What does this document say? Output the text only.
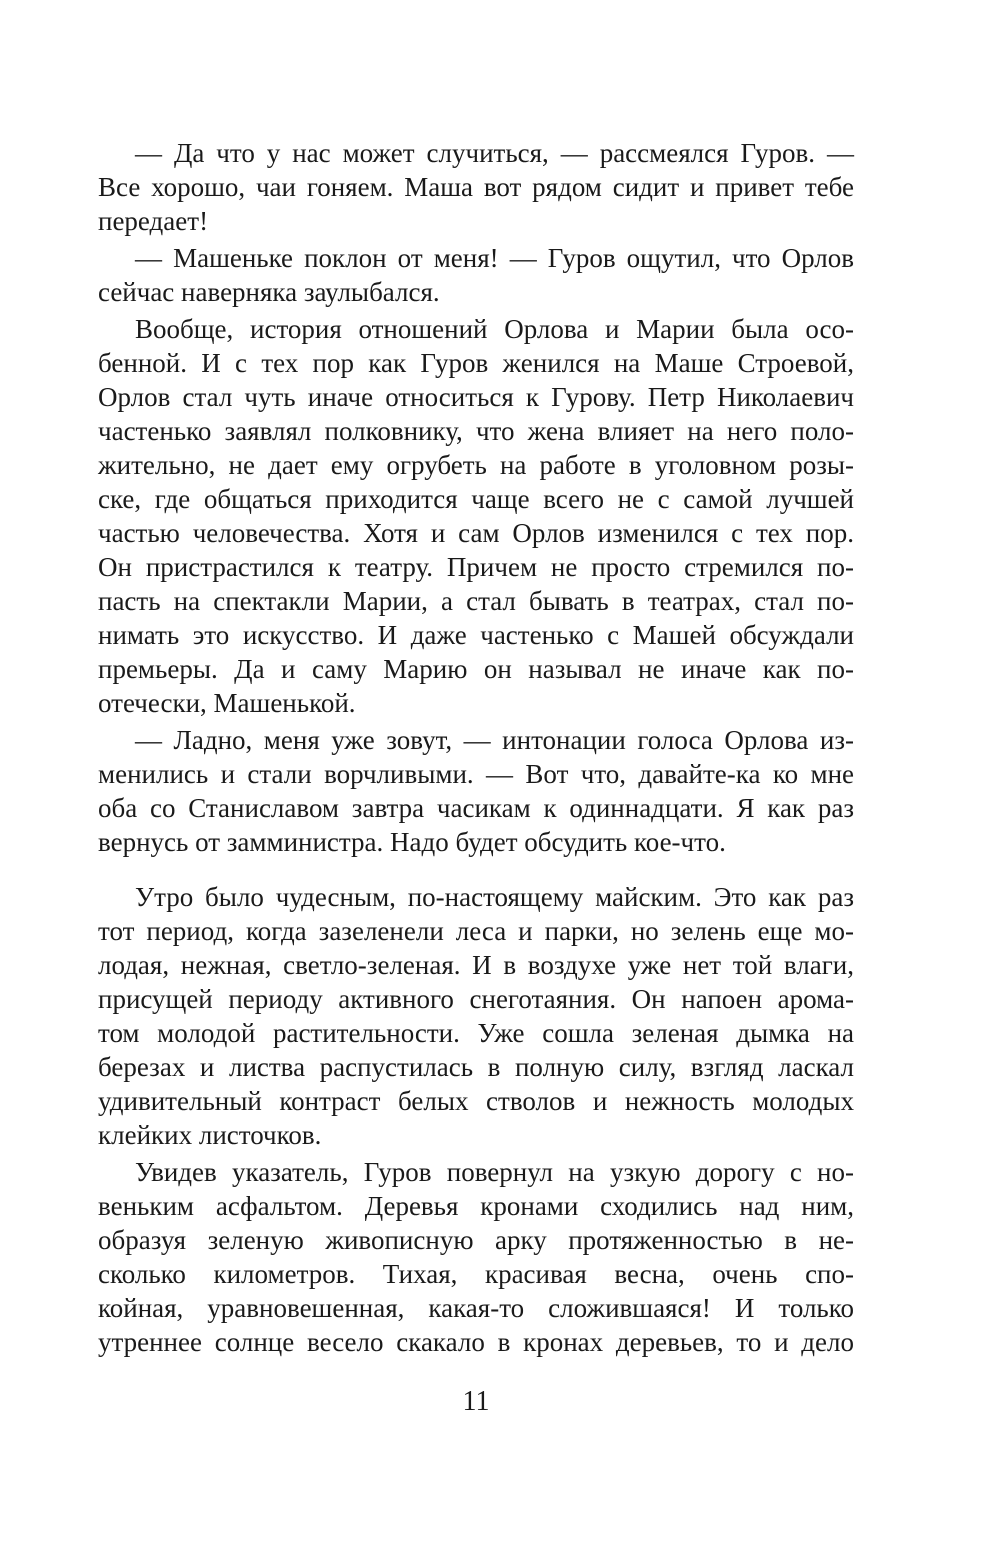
— Да что у нас может случиться, — рассмеялся Гуров. —
Все хорошо, чаи гоняем. Маша вот рядом сидит и привет тебе
передает!
— Машеньке поклон от меня! — Гуров ощутил, что Орлов
сейчас наверняка заулыбался.
Вообще, история отношений Орлова и Марии была осо-
бенной. И с тех пор как Гуров женился на Маше Строевой,
Орлов стал чуть иначе относиться к Гурову. Петр Николаевич
частенько заявлял полковнику, что жена влияет на него поло-
жительно, не дает ему огрубеть на работе в уголовном розы-
ске, где общаться приходится чаще всего не с самой лучшей
частью человечества. Хотя и сам Орлов изменился с тех пор.
Он пристрастился к театру. Причем не просто стремился по-
пасть на спектакли Марии, а стал бывать в театрах, стал по-
нимать это искусство. И даже частенько с Машей обсуждали
премьеры. Да и саму Марию он называл не иначе как по-
отечески, Машенькой.
— Ладно, меня уже зовут, — интонации голоса Орлова из-
менились и стали ворчливыми. — Вот что, давайте-ка ко мне
оба со Станиславом завтра часикам к одиннадцати. Я как раз
вернусь от замминистра. Надо будет обсудить кое-что.
Утро было чудесным, по-настоящему майским. Это как раз
тот период, когда зазеленели леса и парки, но зелень еще мо-
лодая, нежная, светло-зеленая. И в воздухе уже нет той влаги,
присущей периоду активного снеготаяния. Он напоен арома-
том молодой растительности. Уже сошла зеленая дымка на
березах и листва распустилась в полную силу, взгляд ласкал
удивительный контраст белых стволов и нежность молодых
клейких листочков.
Увидев указатель, Гуров повернул на узкую дорогу с но-
веньким асфальтом. Деревья кронами сходились над ним,
образуя зеленую живописную арку протяженностью в не-
сколько километров. Тихая, красивая весна, очень спо-
койная, уравновешенная, какая-то сложившаяся! И только
утреннее солнце весело скакало в кронах деревьев, то и дело
11
